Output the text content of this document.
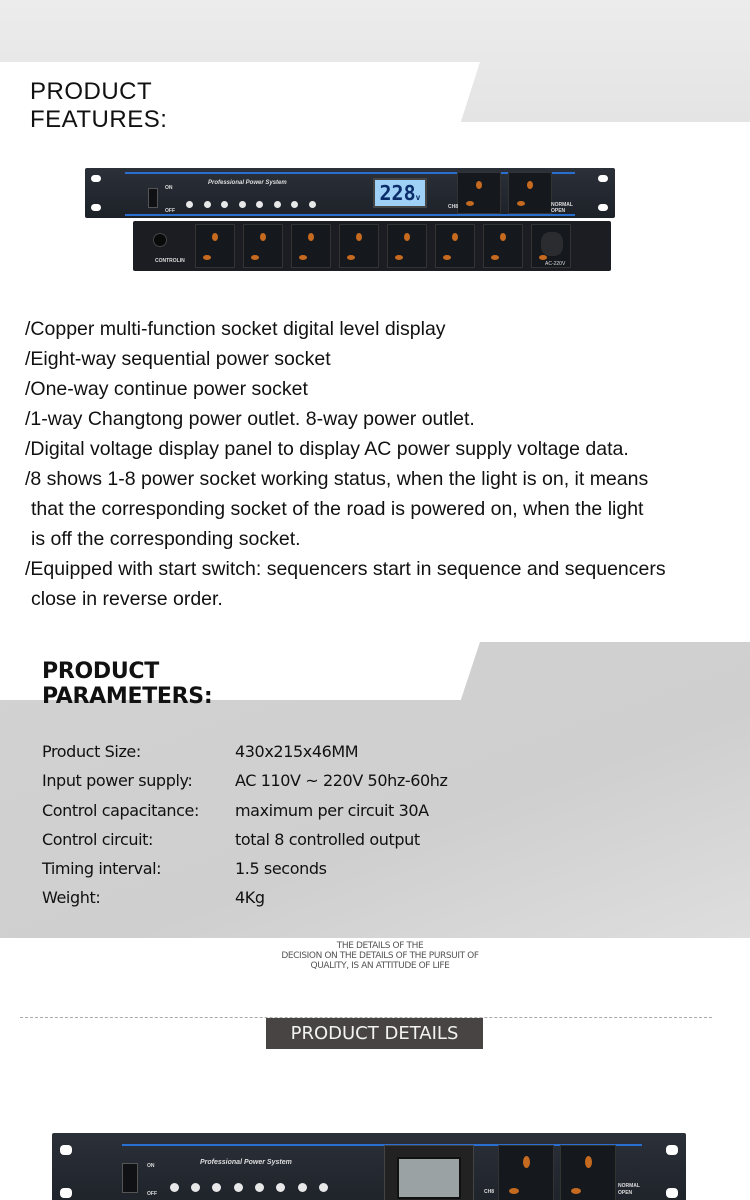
PRODUCT FEATURES:
ON
OFF
Professional Power System	228v
CH8	NORMAL
OPEN
CONTROLIN	AC-220V
/Copper multi-function socket digital level display
/Eight-way sequential power socket
/One-way continue power socket
/1-way Changtong power outlet. 8-way power outlet.
/Digital voltage display panel to display AC power supply voltage data.
/8 shows 1-8 power socket working status, when the light is on, it means
that the corresponding socket of the road is powered on, when the light
is off the corresponding socket.
/Equipped with start switch: sequencers start in sequence and sequencers
close in reverse order.
PRODUCT PARAMETERS:
Product Size:	430x215x46MM
Input power supply:	AC 110V ~ 220V 50hz-60hz
Control capacitance: maximum per circuit 30A
Control circuit:	total 8 controlled output
Timing interval:	1.5 seconds
Weight:	4Kg
THE DETAILS OF THE
DECISION ON THE DETAILS OF THE PURSUIT OF
QUALITY, IS AN ATTITUDE OF LIFE
PRODUCT DETAILS
ON
OFF
Professional Power System
CH8
NORMAL
OPEN
